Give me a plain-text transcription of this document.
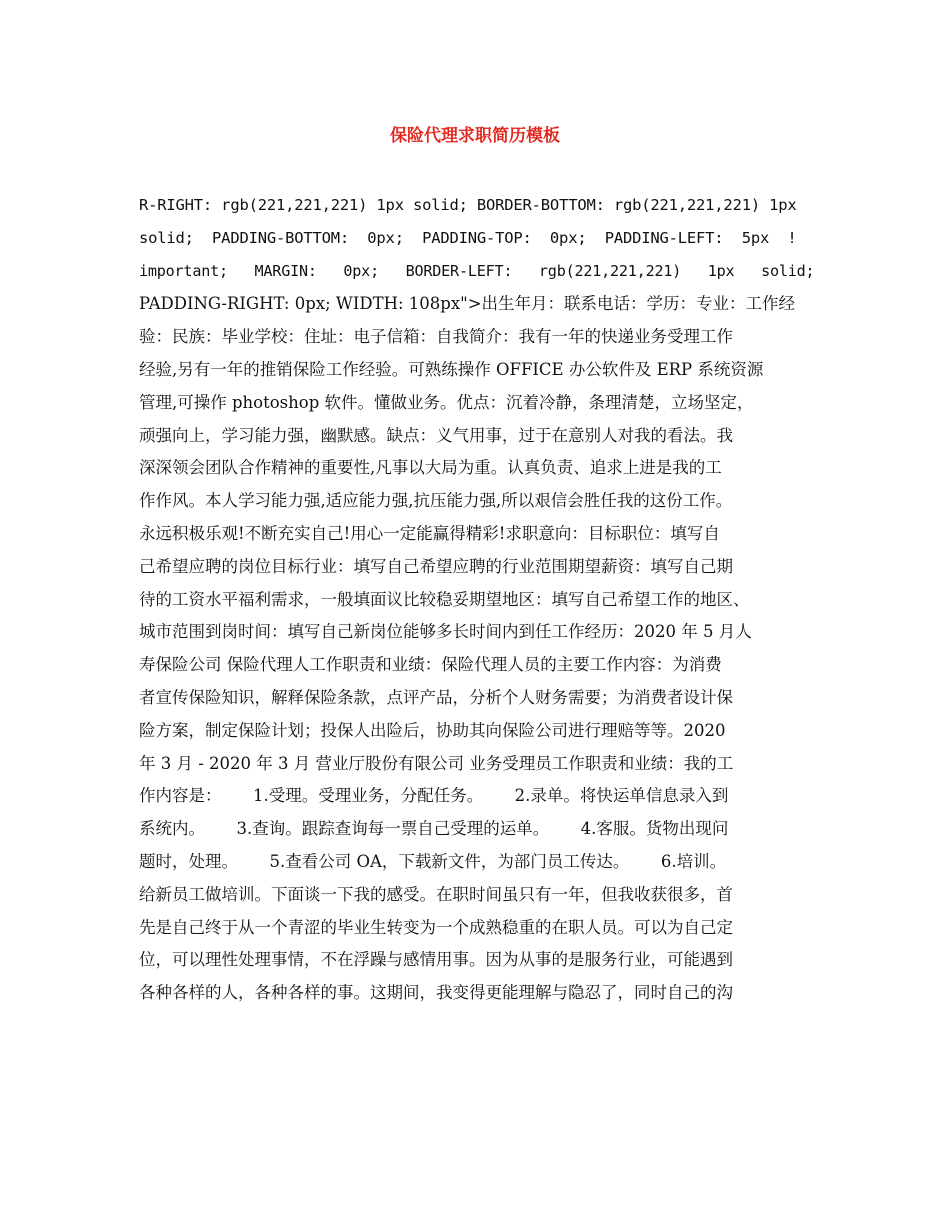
保险代理求职简历模板
R-RIGHT: rgb(221,221,221) 1px solid; BORDER-BOTTOM: rgb(221,221,221) 1px
solid;  PADDING-BOTTOM:  0px;  PADDING-TOP:  0px;  PADDING-LEFT:  5px  !
important;   MARGIN:   0px;   BORDER-LEFT:   rgb(221,221,221)   1px   solid;
PADDING-RIGHT: 0px; WIDTH: 108px">出生年月：联系电话：学历：专业：工作经
验：民族：毕业学校：住址：电子信箱：自我简介：我有一年的快递业务受理工作
经验,另有一年的推销保险工作经验。可熟练操作 OFFICE 办公软件及 ERP 系统资源
管理,可操作 photoshop 软件。懂做业务。优点：沉着冷静，条理清楚，立场坚定，
顽强向上，学习能力强，幽默感。缺点：义气用事，过于在意别人对我的看法。我
深深领会团队合作精神的重要性,凡事以大局为重。认真负责、追求上进是我的工
作作风。本人学习能力强,适应能力强,抗压能力强,所以艰信会胜任我的这份工作。
永远积极乐观!不断充实自己!用心一定能赢得精彩!求职意向：目标职位：填写自
己希望应聘的岗位目标行业：填写自己希望应聘的行业范围期望薪资：填写自己期
待的工资水平福利需求，一般填面议比较稳妥期望地区：填写自己希望工作的地区、
城市范围到岗时间：填写自己新岗位能够多长时间内到任工作经历：2020 年 5 月人
寿保险公司 保险代理人工作职责和业绩：保险代理人员的主要工作内容：为消费
者宣传保险知识，解释保险条款，点评产品，分析个人财务需要；为消费者设计保
险方案，制定保险计划；投保人出险后，协助其向保险公司进行理赔等等。2020
年 3 月 - 2020 年 3 月 营业厅股份有限公司 业务受理员工作职责和业绩：我的工
作内容是：      1.受理。受理业务，分配任务。      2.录单。将快运单信息录入到
系统内。      3.查询。跟踪查询每一票自己受理的运单。      4.客服。货物出现问
题时，处理。      5.查看公司 OA，下载新文件，为部门员工传达。      6.培训。
给新员工做培训。下面谈一下我的感受。在职时间虽只有一年，但我收获很多，首
先是自己终于从一个青涩的毕业生转变为一个成熟稳重的在职人员。可以为自己定
位，可以理性处理事情，不在浮躁与感情用事。因为从事的是服务行业，可能遇到
各种各样的人，各种各样的事。这期间，我变得更能理解与隐忍了，同时自己的沟
